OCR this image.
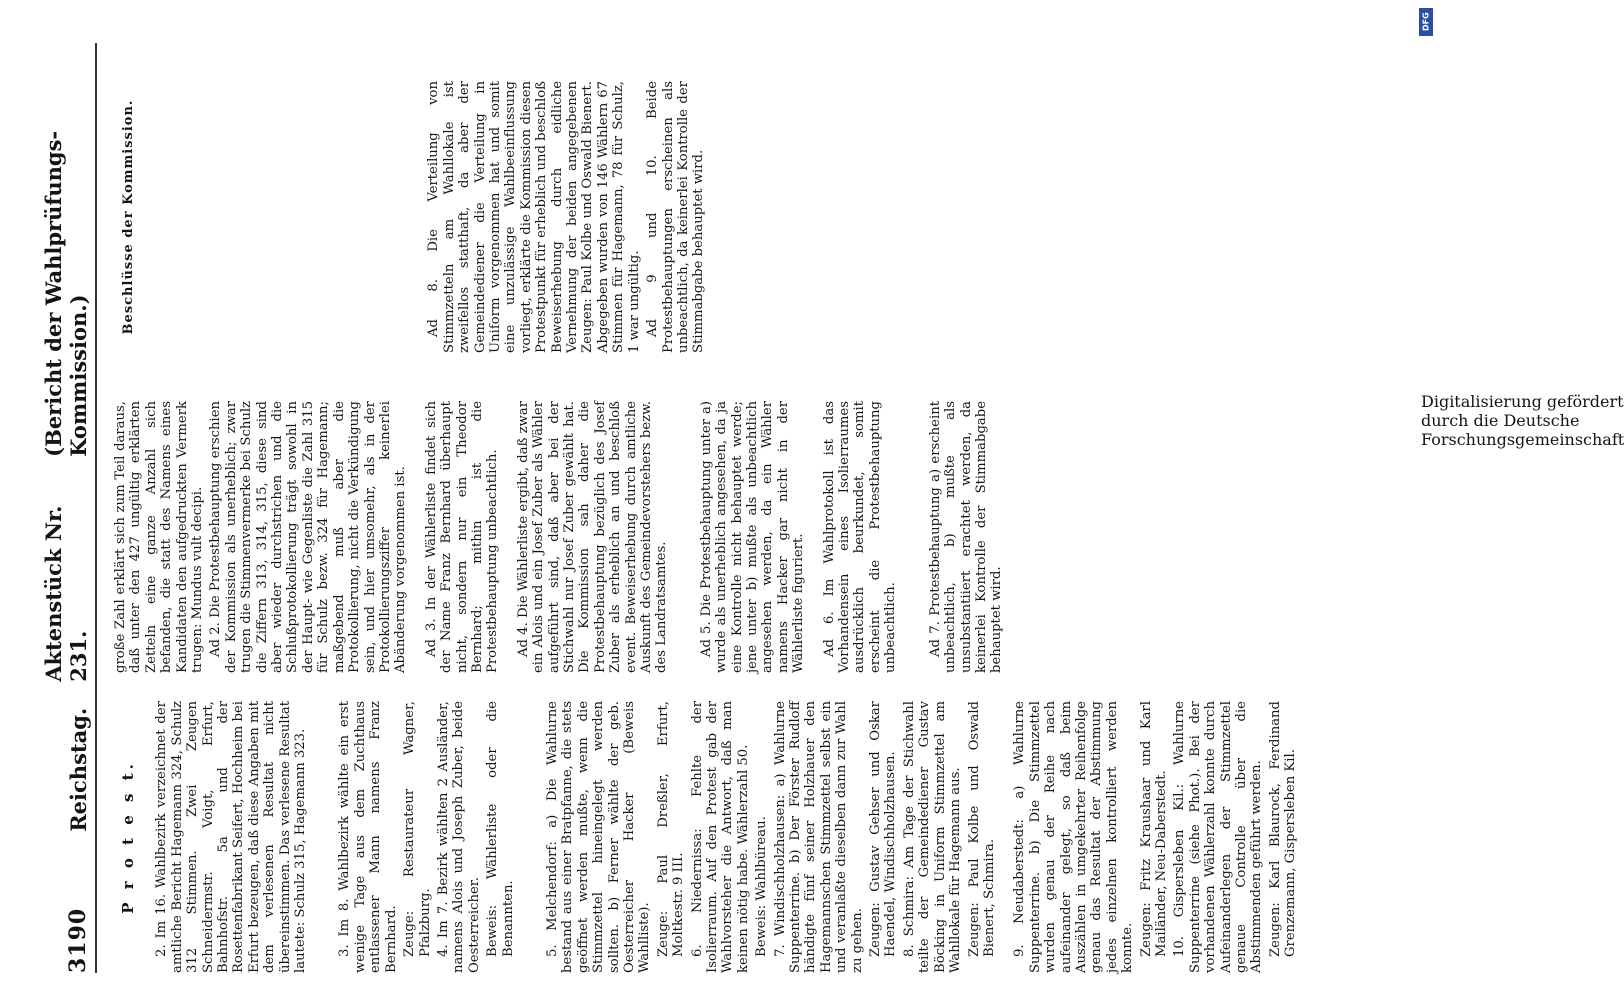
3190
Reichstag.
Aktenstück Nr. 231.
(Bericht der Wahlprüfungs-Kommission.)
P r o t e s t. 2. Im 16. Wahlbezirk verzeichnet der amtliche Bericht Hagemann 324, Schulz 312 Stimmen. Zwei Zeugen Schneidermstr. Voigt, Erfurt, Bahnhofstr. 5a und der Rosettenfabrikant Seifert, Hochheim bei Erfurt bezeugen, daß diese Angaben mit dem verlesenen Resultat nicht übereinstimmen. Das verlesene Resultat lautete: Schulz 315, Hagemann 323. 3. Im 8. Wahlbezirk wählte ein erst wenige Tage aus dem Zuchthaus entlassener Mann namens Franz Bernhard. Zeuge: Restaurateur Wagner, Pfalzburg. 4. Im 7. Bezirk wählten 2 Ausländer, namens Alois und Joseph Zuber, beide Oesterreicher. Beweis: Wählerliste oder die Benannten. 5. Melchendorf: a) Die Wahlurne bestand aus einer Bratpfanne, die stets geöffnet werden mußte, wenn die Stimmzettel hineingelegt werden sollten. b) Ferner wählte der geb. Oesterreicher Hacker (Beweis Wahlliste). Zeuge: Paul Dreßler, Erfurt, Moltkestr. 9 III. 6. Niedernissa: Fehlte der Isolierraum. Auf den Protest gab der Wahlvorsteher die Antwort, daß man keinen nötig habe. Wählerzahl 50. Beweis: Wahlbüreau. 7. Windischholzhausen: a) Wahlurne Suppenterrine. b) Der Förster Rudloff händigte fünf seiner Holzhauer den Hagemannschen Stimmzettel selbst ein und veranlaßte dieselben dann zur Wahl zu gehen. Zeugen: Gustav Gehser und Oskar Haendel, Windischholzhausen. 8. Schmira: Am Tage der Stichwahl teilte der Gemeindediener Gustav Böcking in Uniform Stimmzettel am Wahllokale für Hagemann aus. Zeugen: Paul Kolbe und Oswald Bienert, Schmira. 9. Neudaberstedt: a) Wahlurne Suppenterrine. b) Die Stimmzettel wurden genau der Reihe nach aufeinander gelegt, so daß beim Auszählen in umgekehrter Reihenfolge genau das Resultat der Abstimmung jedes einzelnen kontrolliert werden konnte. Zeugen: Fritz Kraushaar und Karl Mailänder, Neu-Daberstedt. 10. Gispersleben Kil.: Wahlurne Suppenterrine (siehe Phot.). Bei der vorhandenen Wählerzahl konnte durch Aufeinanderlegen der Stimmzettel genaue Controlle über die Abstimmenden geführt werden. Zeugen: Karl Blaurock, Ferdinand Grenzemann, Gispersleben Kil.

große Zahl erklärt sich zum Teil daraus, daß unter den 427 ungültig erklärten Zetteln eine ganze Anzahl sich befanden, die statt des Namens eines Kandidaten den aufgedruckten Vermerk trugen: Mundus vult decipi. Ad 2. Die Protestbehauptung erschien der Kommission als unerheblich; zwar trugen die Stimmenvermerke bei Schulz die Ziffern 313, 314, 315, diese sind aber wieder durchstrichen und die Schlußprotokollierung trägt sowohl in der Haupt- wie Gegenliste die Zahl 315 für Schulz bezw. 324 für Hagemann; maßgebend muß aber die Protokollierung, nicht die Verkündigung sein, und hier umsomehr, als in der Protokollierungsziffer keinerlei Abänderung vorgenommen ist. Ad 3. In der Wählerliste findet sich der Name Franz Bernhard überhaupt nicht, sondern nur ein Theodor Bernhard; mithin ist die Protestbehauptung unbeachtlich. Ad 4. Die Wählerliste ergibt, daß zwar ein Alois und ein Josef Zuber als Wähler aufgeführt sind, daß aber bei der Stichwahl nur Josef Zuber gewählt hat. Die Kommission sah daher die Protestbehauptung bezüglich des Josef Zuber als erheblich an und beschloß event. Beweiserhebung durch amtliche Auskunft des Gemeindevorstehers bezw. des Landratsamtes. Ad 5. Die Protestbehauptung unter a) wurde als unerheblich angesehen, da ja eine Kontrolle nicht behauptet werde; jene unter b) mußte als unbeachtlich angesehen werden, da ein Wähler namens Hacker gar nicht in der Wählerliste figuriert. Ad 6. Im Wahlprotokoll ist das Vorhandensein eines Isolierraumes ausdrücklich beurkundet, somit erscheint die Protestbehauptung unbeachtlich. Ad 7. Protestbehauptung a) erscheint unbeachtlich, b) mußte als unsubstantiiert erachtet werden, da keinerlei Kontrolle der Stimmabgabe behauptet wird.

Beschlüsse der Kommission.	Ad 8. Die Verteilung von Stimmzetteln am Wahllokale ist zweifellos statthaft, da aber der Gemeindediener die Verteilung in Uniform vorgenommen hat und somit eine unzulässige Wahlbeeinflussung vorliegt, erklärte die Kommission diesen Protestpunkt für erheblich und beschloß Beweiserhebung durch eidliche Vernehmung der beiden angegebenen Zeugen: Paul Kolbe und Oswald Bienert. Abgegeben wurden von 146 Wählern 67 Stimmen für Hagemann, 78 für Schulz, 1 war ungültig. Ad 9 und 10. Beide Protestbehauptungen erscheinen als unbeachtlich, da keinerlei Kontrolle der Stimmabgabe behauptet wird.

DFG
Digitalisierung gefördert durch die Deutsche Forschungsgemeinschaft
